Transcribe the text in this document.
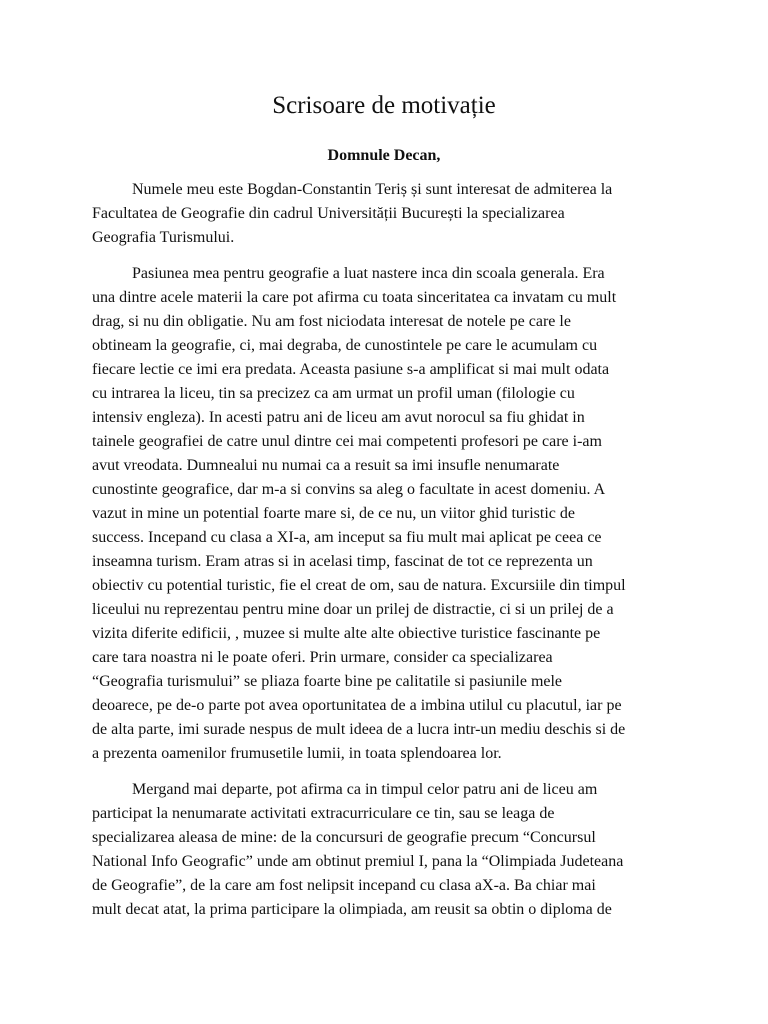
Scrisoare de motivație
Domnule Decan,
Numele meu este Bogdan-Constantin Teriș și sunt interesat de admiterea la
Facultatea de Geografie din cadrul Universității București la specializarea
Geografia Turismului.
Pasiunea mea pentru geografie a luat nastere inca din scoala generala. Era
una dintre acele materii la care pot afirma cu toata sinceritatea ca invatam cu mult
drag, si nu din obligatie. Nu am fost niciodata interesat de notele pe care le
obtineam la geografie, ci, mai degraba, de cunostintele pe care le acumulam cu
fiecare lectie ce imi era predata. Aceasta pasiune s-a amplificat si mai mult odata
cu intrarea la liceu, tin sa precizez ca am urmat un profil uman (filologie cu
intensiv engleza). In acesti patru ani de liceu am avut norocul sa fiu ghidat in
tainele geografiei de catre unul dintre cei mai competenti profesori pe care i-am
avut vreodata. Dumnealui nu numai ca a resuit sa imi insufle nenumarate
cunostinte geografice, dar m-a si convins sa aleg o facultate in acest domeniu. A
vazut in mine un potential foarte mare si, de ce nu, un viitor ghid turistic de
success. Incepand cu clasa a XI-a, am inceput sa fiu mult mai aplicat pe ceea ce
inseamna turism. Eram atras si in acelasi timp, fascinat de tot ce reprezenta un
obiectiv cu potential turistic, fie el creat de om, sau de natura. Excursiile din timpul
liceului nu reprezentau pentru mine doar un prilej de distractie, ci si un prilej de a
vizita diferite edificii, , muzee si multe alte alte obiective turistice fascinante pe
care tara noastra ni le poate oferi. Prin urmare, consider ca specializarea
“Geografia turismului” se pliaza foarte bine pe calitatile si pasiunile mele
deoarece, pe de-o parte pot avea oportunitatea de a imbina utilul cu placutul, iar pe
de alta parte, imi surade nespus de mult ideea de a lucra intr-un mediu deschis si de
a prezenta oamenilor frumusetile lumii, in toata splendoarea lor.
Mergand mai departe, pot afirma ca in timpul celor patru ani de liceu am
participat la nenumarate activitati extracurriculare ce tin, sau se leaga de
specializarea aleasa de mine: de la concursuri de geografie precum “Concursul
National Info Geografic” unde am obtinut premiul I, pana la “Olimpiada Judeteana
de Geografie”, de la care am fost nelipsit incepand cu clasa aX-a. Ba chiar mai
mult decat atat, la prima participare la olimpiada, am reusit sa obtin o diploma de
